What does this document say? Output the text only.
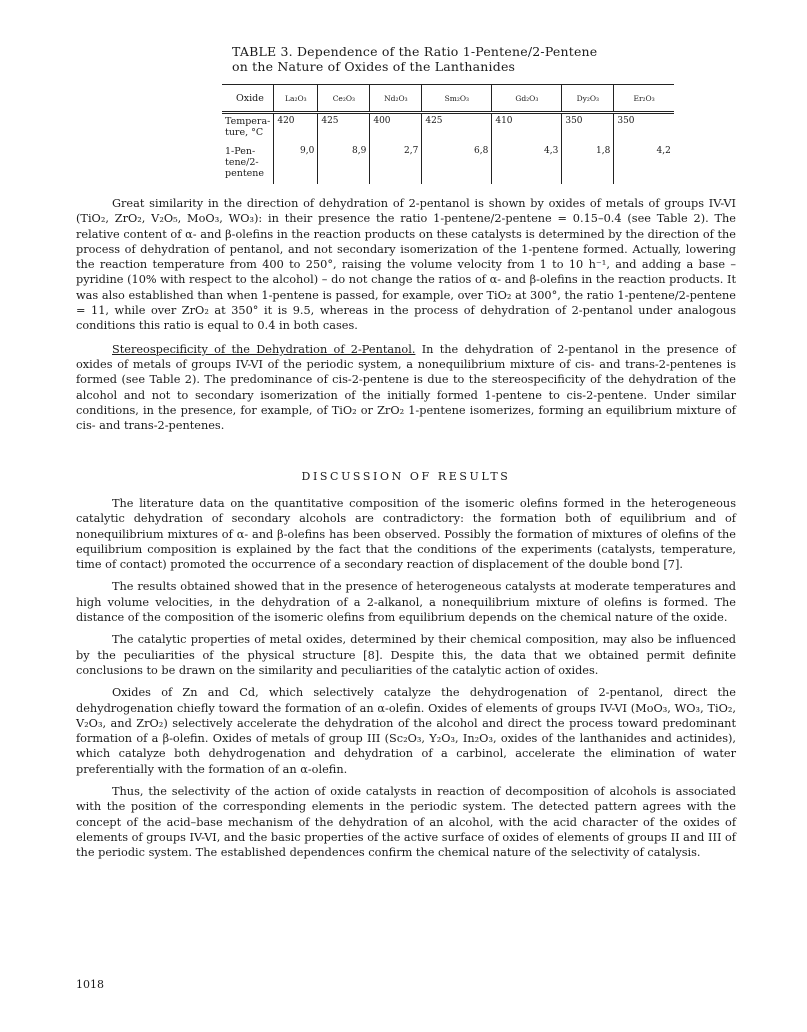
TABLE 3. Dependence of the Ratio 1-Pentene/2-Pentene
on the Nature of Oxides of the Lanthanides
Oxide	La₂O₃	Ce₂O₃	Nd₂O₃	Sm₂O₃	Gd₂O₃	Dy₂O₃	Er₂O₃
Tempera-
ture, °C	420	425	400	425	410	350	350
1-Pen-
tene/2-
pentene	9,0	8,9	2,7	6,8	4,3	1,8	4,2

Great similarity in the direction of dehydration of 2-pentanol is shown by oxides of metals of groups IV-VI (TiO₂, ZrO₂, V₂O₅, MoO₃, WO₃): in their presence the ratio 1-pentene/2-pentene = 0.15–0.4 (see Table 2). The relative content of α- and β-olefins in the reaction products on these catalysts is determined by the direction of the process of dehydration of pentanol, and not secondary isomerization of the 1-pentene formed. Actually, lowering the reaction temperature from 400 to 250°, raising the volume velocity from 1 to 10 h⁻¹, and adding a base – pyridine (10% with respect to the alcohol) – do not change the ratios of α- and β-olefins in the reaction products. It was also established than when 1-pentene is passed, for example, over TiO₂ at 300°, the ratio 1-pentene/2-pentene = 11, while over ZrO₂ at 350° it is 9.5, whereas in the process of dehydration of 2-pentanol under analogous conditions this ratio is equal to 0.4 in both cases.

Stereospecificity of the Dehydration of 2-Pentanol. In the dehydration of 2-pentanol in the presence of oxides of metals of groups IV-VI of the periodic system, a nonequilibrium mixture of cis- and trans-2-pentenes is formed (see Table 2). The predominance of cis-2-pentene is due to the stereospecificity of the dehydration of the alcohol and not to secondary isomerization of the initially formed 1-pentene to cis-2-pentene. Under similar conditions, in the presence, for example, of TiO₂ or ZrO₂ 1-pentene isomerizes, forming an equilibrium mixture of cis- and trans-2-pentenes.

DISCUSSION OF RESULTS

The literature data on the quantitative composition of the isomeric olefins formed in the heterogeneous catalytic dehydration of secondary alcohols are contradictory: the formation both of equilibrium and of nonequilibrium mixtures of α- and β-olefins has been observed. Possibly the formation of mixtures of olefins of the equilibrium composition is explained by the fact that the conditions of the experiments (catalysts, temperature, time of contact) promoted the occurrence of a secondary reaction of displacement of the double bond [7].

The results obtained showed that in the presence of heterogeneous catalysts at moderate temperatures and high volume velocities, in the dehydration of a 2-alkanol, a nonequilibrium mixture of olefins is formed. The distance of the composition of the isomeric olefins from equilibrium depends on the chemical nature of the oxide.

The catalytic properties of metal oxides, determined by their chemical composition, may also be influenced by the peculiarities of the physical structure [8]. Despite this, the data that we obtained permit definite conclusions to be drawn on the similarity and peculiarities of the catalytic action of oxides.

Oxides of Zn and Cd, which selectively catalyze the dehydrogenation of 2-pentanol, direct the dehydrogenation chiefly toward the formation of an α-olefin. Oxides of elements of groups IV-VI (MoO₃, WO₃, TiO₂, V₂O₃, and ZrO₂) selectively accelerate the dehydration of the alcohol and direct the process toward predominant formation of a β-olefin. Oxides of metals of group III (Sc₂O₃, Y₂O₃, In₂O₃, oxides of the lanthanides and actinides), which catalyze both dehydrogenation and dehydration of a carbinol, accelerate the elimination of water preferentially with the formation of an α-olefin.

Thus, the selectivity of the action of oxide catalysts in reaction of decomposition of alcohols is associated with the position of the corresponding elements in the periodic system. The detected pattern agrees with the concept of the acid–base mechanism of the dehydration of an alcohol, with the acid character of the oxides of elements of groups IV-VI, and the basic properties of the active surface of oxides of elements of groups II and III of the periodic system. The established dependences confirm the chemical nature of the selectivity of catalysis.

1018
